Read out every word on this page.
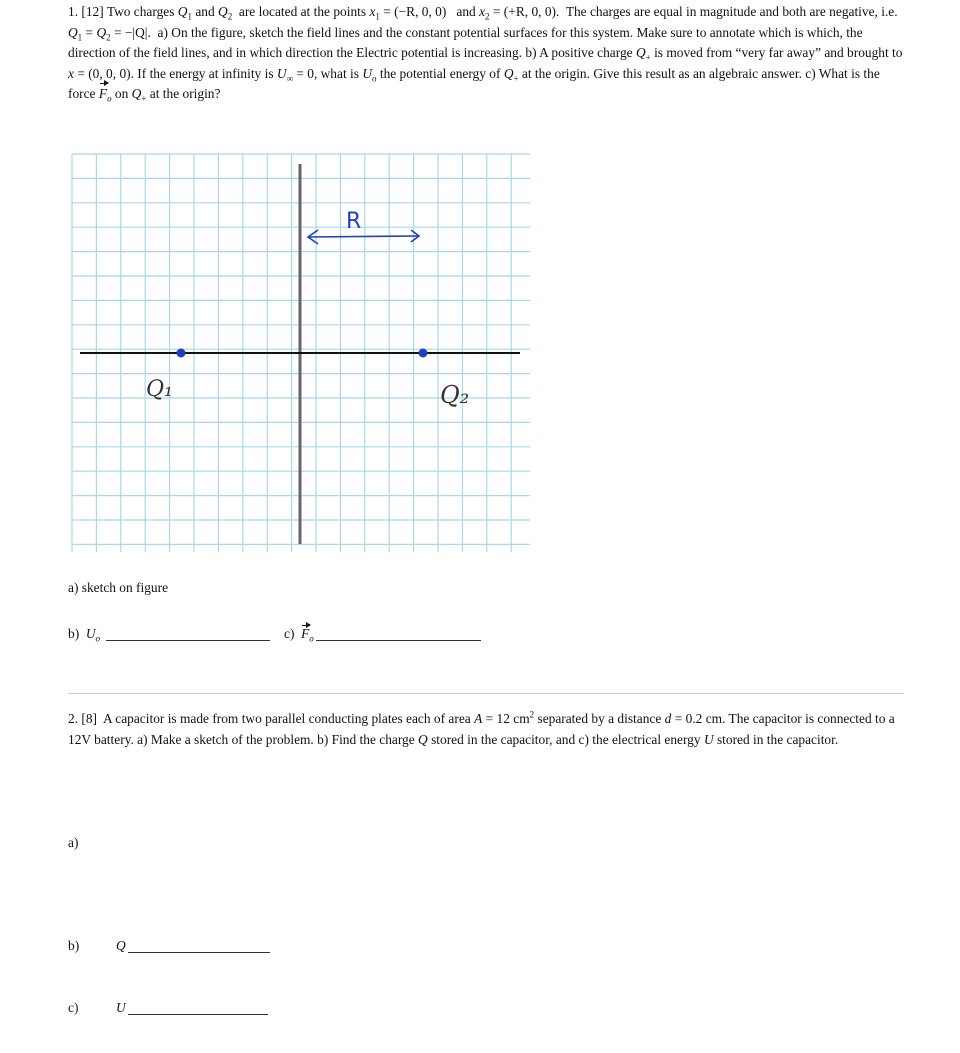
1. [12] Two charges $Q_1$ and $Q_2$ are located at the points $x_1 = (-R$, 0, 0) and $x_2 = (+R$, 0, 0). The charges are equal in magnitude and both are negative, i.e. $Q_1 = Q_2 = -|Q|$. a) On the figure, sketch the field lines and the constant potential surfaces for this system. Make sure to annotate which is which, the direction of the field lines, and in which direction the Electric potential is increasing. b) A positive charge $Q_+$ is moved from “very far away” and brought to x = (0, 0, 0). If the energy at infinity is $U_\infty = 0$, what is $U_o$ the potential energy of $Q_+$ at the origin. Give this result as an algebraic answer. c) What is the force $F_o$ on $Q_+$ at the origin?

R
Q₁	Q₂
a) sketch on figure
b) $U_o$	c) $F_o$

2. [8] A capacitor is made from two parallel conducting plates each of area A = 12 $cm^2$ separated by a distance d = 0.2 cm. The capacitor is connected to a 12V battery. a) Make a sketch of the problem. b) Find the charge Q stored in the capacitor, and c) the electrical energy U stored in the capacitor.

a)
b)	Q
c)	U
